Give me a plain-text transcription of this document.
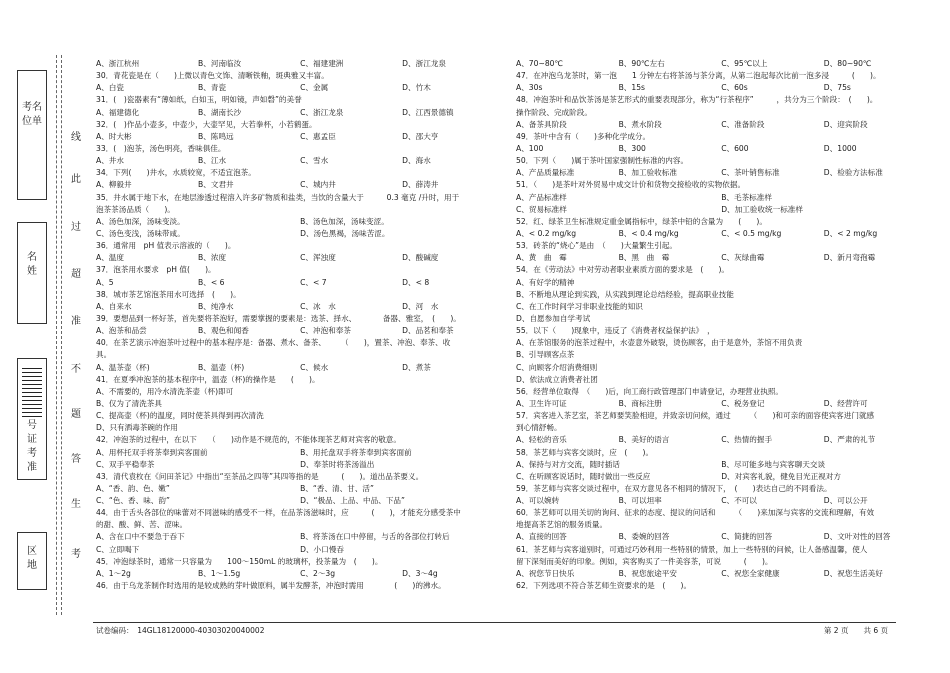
考名位单
名姓
号证考准
区地
线
此
过
超
准
不
题
答
生
考
A、浙江杭州	B、河南临汝	C、福建建洲	D、浙江龙泉
30．青花瓷是在（　　)上微以青色文饰、清晰铁釉，斑典雅又丰富。
A、白瓷	B、青瓷	C、金属	D、竹木
31．(　)瓷器素有“薄如纸，白如玉，明如镜，声如磬”的美誉
A、福建德化	B、湖南长沙	C、浙江龙泉	D、江西景德镇
32．(　)作品小壶多，中壶少，大壶罕见，大若拳杯，小若鹤蛋。
A、时大彬	B、陈鸣远	C、惠孟臣	D、邵大亨
33．(　)泡茶，汤色明亮，香味俱佳。
A、井水	B、江水	C、雪水	D、海水
34．下列(　　)井水，水质较宽，不适宜泡茶。
A、柳毅井	B、文君井	C、城内井	D、薛涛井
35．井水属于地下水，在地层渗透过程溶入许多矿物质和盐类，当饮的含量大于　　　0.3 毫克 /升时，用于
泡茶茶汤品质（　　)。
A、汤色加深，汤味变淡。	B、汤色加深，汤味变涩。
C、汤色变浅，汤味带咸。	D、汤色黑褐，汤味苦涩。
36．通常用　pH 值表示溶液的（　　)。
A、温度	B、浓度	C、浑浊度	D、酸碱度
37．泡茶用水要求　pH 值(　　)。
A、5	B、< 6	C、< 7	D、< 8
38．城市茶艺馆泡茶用水可选择　(　　)。
A、自来水	B、纯净水	C、冰　水	D、河　水
39．要想品到一杯好茶，首先要将茶泡好，需要掌握的要素是：选茶、择水、　　　　备器、雅室，　(　　)。
A、泡茶和品尝	B、观色和闻香	C、冲泡和奉茶	D、品茗和奉茶
40．在茶艺演示冲泡茶叶过程中的基本程序是：备器、煮水、备茶、　　　（　　)，置茶、冲泡、奉茶、收
具。
A、温茶壶（杯)	B、温壶（杯)	C、候水	D、煮茶
41．在夏季冲泡茶的基本程序中，温壶（杯)的操作是　　(　　)。
A、不需要的，用冷水清洗茶壶（杯)即可
B、仅为了清洗茶具
C、提高壶（杯)的温度，同时使茶具得到再次清洗
D、只有洒毒茶碗的作用
42．冲泡茶的过程中，在以下　　（　　)动作是不规范的，不能体现茶艺师对宾客的敬意。
A、用杯托双手将茶奉到宾客面前	B、用托盘双手将茶奉到宾客面前
C、双手平稳奉茶	D、奉茶时将茶汤溢出
43．清代袁枚在《问田茶记》中指出“至茶品之四等”其四等指的是　　　(　　)。道出品茶要义。
A、“香、韵、色、嫩”	B、“香、清、甘、活”
C、“色、香、味、韵”	D、“极品、上品、中品、下品”
44．由于舌头各部位的味蕾对不同滋味的感受不一样，在品茶汤滋味时，应　　　(　　)，才能充分感受茶中
的甜、酸、鲜、苦、涩味。
A、含在口中不要急于吞下	B、将茶汤在口中停留，与舌的各部位打转后
C、立即喝下	D、小口慢吞
45．冲泡绿茶时，通常一只容量为　　100～150mL 的玻璃杯，投茶量为　(　　)。
A、1～2g	B、1～1.5g	C、2～3g	D、3～4g
46．由于乌龙茶制作时选用的是较成熟的芽叶做原料，属半发酵茶，冲泡时需用　　　　(　　)的沸水。
A、70~80℃	B、90℃左右	C、95℃以上	D、80~90℃
47．在冲泡乌龙茶时，第一泡　　1 分钟左右将茶汤与茶分离，从第二泡起每次比前一泡多浸　　　(　　)。
A、30s	B、15s	C、60s	D、75s
48．冲泡茶叶和品饮茶汤是茶艺形式的重要表现部分，称为“行茶程序”　　　，共分为三个阶段：　(　　)。
操作阶段、完成阶段。
A、备茶具阶段	B、煮水阶段	C、准备阶段	D、迎宾阶段
49．茶叶中含有（　　)多种化学成分。
A、100	B、300	C、600	D、1000
50．下列（　　)属于茶叶国家强制性标准的内容。
A、产品质量标准	B、加工验收标准	C、茶叶销售标准	D、检验方法标准
51．（　　)是茶叶对外贸易中成交计价和货物交接检收的实物依据。
A、产品标准样	B、毛茶标准样
C、贸易标准样	D、加工验收统一标准样
52．红、绿茶卫生标准规定重金属指标中，绿茶中铅的含量为　　(　　)。
A、< 0.2 mg/kg	B、< 0.4 mg/kg	C、< 0.5 mg/kg	D、< 2 mg/kg
53．砖茶的“烧心”是由　（　　)大量繁生引起。
A、黄　曲　霉	B、黑　曲　霉	C、灰绿曲霉	D、新月弯孢霉
54．在《劳动法》中对劳动者职业素质方面的要求是　(　　)。
A、有好学的精神
B、不断地从理论到实践，从实践到理论总结经验，提高职业技能
C、在工作时间学习非职业技能的知识
D、自愿参加自学考试
55．以下（　　)现象中，违反了《消费者权益保护法》　，
A、在茶馆服务的泡茶过程中，水壶意外破裂，烫伤顾客，由于是意外，茶馆不用负责
B、引导顾客点茶
C、向顾客介绍消费细则
D、依法成立消费者社团
56．经营单位取得　（　　)后，向工商行政管理部门申请登记，办理营业执照。
A、卫生许可证	B、商标注册	C、税务登记	D、经营许可
57．宾客进入茶艺室，茶艺师要笑脸相迎，并致亲切问候，通过　　　（　　)和可亲的面容使宾客进门就感
到心情舒畅。
A、轻松的音乐	B、美好的语言	C、热情的握手	D、严肃的礼节
58．茶艺师与宾客交谈时，应　(　　)。
A、保持与对方交流，随时插话	B、尽可能多地与宾客聊天交谈
C、在听顾客说话时，随时做出一些反应	D、对宾客礼貌，健免目光正视对方
59．茶艺师与宾客交谈过程中，在双方意见各不相同的情况下，　(　　)表达自己的不同看法。
A、可以婉转	B、可以坦率	C、不可以	D、可以公开
60．茶艺师可以用关切的询问、征求的态度、提议的问话和　　　（　　)来加深与宾客的交流和理解，有效
地提高茶艺馆的服务质量。
A、直接的回答	B、委婉的回答	C、简捷的回答	D、文叶对性的回答
61．茶艺师与宾客道别时，可通过巧妙利用一些特别的情景，加上一些特别的问候，让人备感温馨，使人
留下深刻而美好的印象。例如，宾客购买了一件美容茶，可说　　　(　　)。
A、祝您节日快乐	B、祝您旅途平安	C、祝您全家健康	D、祝您生活美好
62．下列选项不符合茶艺师生资要求的是　(　　)。
试卷编码：　14GL18120000-40303020040002	第 2 页　　共 6 页
